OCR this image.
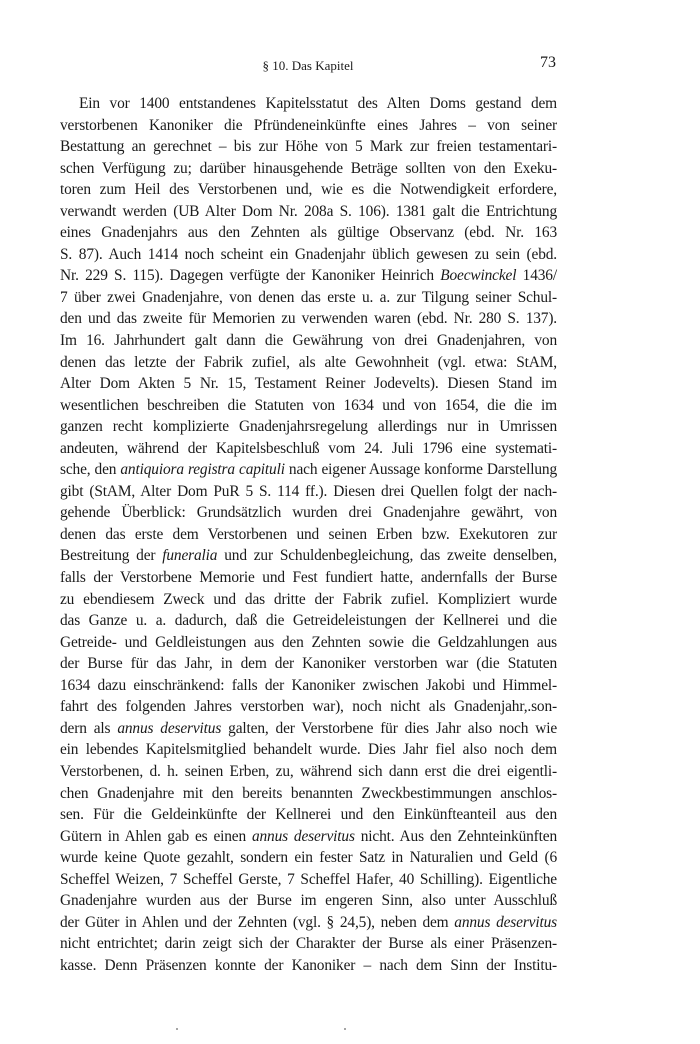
§ 10. Das Kapitel	73
Ein vor 1400 entstandenes Kapitelsstatut des Alten Doms gestand dem
verstorbenen Kanoniker die Pfründeneinkünfte eines Jahres – von seiner
Bestattung an gerechnet – bis zur Höhe von 5 Mark zur freien testamentari-
schen Verfügung zu; darüber hinausgehende Beträge sollten von den Exeku-
toren zum Heil des Verstorbenen und, wie es die Notwendigkeit erfordere,
verwandt werden (UB Alter Dom Nr. 208a S. 106). 1381 galt die Entrichtung
eines Gnadenjahrs aus den Zehnten als gültige Observanz (ebd. Nr. 163
S. 87). Auch 1414 noch scheint ein Gnadenjahr üblich gewesen zu sein (ebd.
Nr. 229 S. 115). Dagegen verfügte der Kanoniker Heinrich Boecwinckel 1436/
7 über zwei Gnadenjahre, von denen das erste u. a. zur Tilgung seiner Schul-
den und das zweite für Memorien zu verwenden waren (ebd. Nr. 280 S. 137).
Im 16. Jahrhundert galt dann die Gewährung von drei Gnadenjahren, von
denen das letzte der Fabrik zufiel, als alte Gewohnheit (vgl. etwa: StAM,
Alter Dom Akten 5 Nr. 15, Testament Reiner Jodevelts). Diesen Stand im
wesentlichen beschreiben die Statuten von 1634 und von 1654, die die im
ganzen recht komplizierte Gnadenjahrsregelung allerdings nur in Umrissen
andeuten, während der Kapitelsbeschluß vom 24. Juli 1796 eine systemati-
sche, den antiquiora registra capituli nach eigener Aussage konforme Darstellung
gibt (StAM, Alter Dom PuR 5 S. 114 ff.). Diesen drei Quellen folgt der nach-
gehende Überblick: Grundsätzlich wurden drei Gnadenjahre gewährt, von
denen das erste dem Verstorbenen und seinen Erben bzw. Exekutoren zur
Bestreitung der funeralia und zur Schuldenbegleichung, das zweite denselben,
falls der Verstorbene Memorie und Fest fundiert hatte, andernfalls der Burse
zu ebendiesem Zweck und das dritte der Fabrik zufiel. Kompliziert wurde
das Ganze u. a. dadurch, daß die Getreideleistungen der Kellnerei und die
Getreide- und Geldleistungen aus den Zehnten sowie die Geldzahlungen aus
der Burse für das Jahr, in dem der Kanoniker verstorben war (die Statuten
1634 dazu einschränkend: falls der Kanoniker zwischen Jakobi und Himmel-
fahrt des folgenden Jahres verstorben war), noch nicht als Gnadenjahr,.son-
dern als annus deservitus galten, der Verstorbene für dies Jahr also noch wie
ein lebendes Kapitelsmitglied behandelt wurde. Dies Jahr fiel also noch dem
Verstorbenen, d. h. seinen Erben, zu, während sich dann erst die drei eigentli-
chen Gnadenjahre mit den bereits benannten Zweckbestimmungen anschlos-
sen. Für die Geldeinkünfte der Kellnerei und den Einkünfteanteil aus den
Gütern in Ahlen gab es einen annus deservitus nicht. Aus den Zehnteinkünften
wurde keine Quote gezahlt, sondern ein fester Satz in Naturalien und Geld (6
Scheffel Weizen, 7 Scheffel Gerste, 7 Scheffel Hafer, 40 Schilling). Eigentliche
Gnadenjahre wurden aus der Burse im engeren Sinn, also unter Ausschluß
der Güter in Ahlen und der Zehnten (vgl. § 24,5), neben dem annus deservitus
nicht entrichtet; darin zeigt sich der Charakter der Burse als einer Präsenzen-
kasse. Denn Präsenzen konnte der Kanoniker – nach dem Sinn der Institu-
